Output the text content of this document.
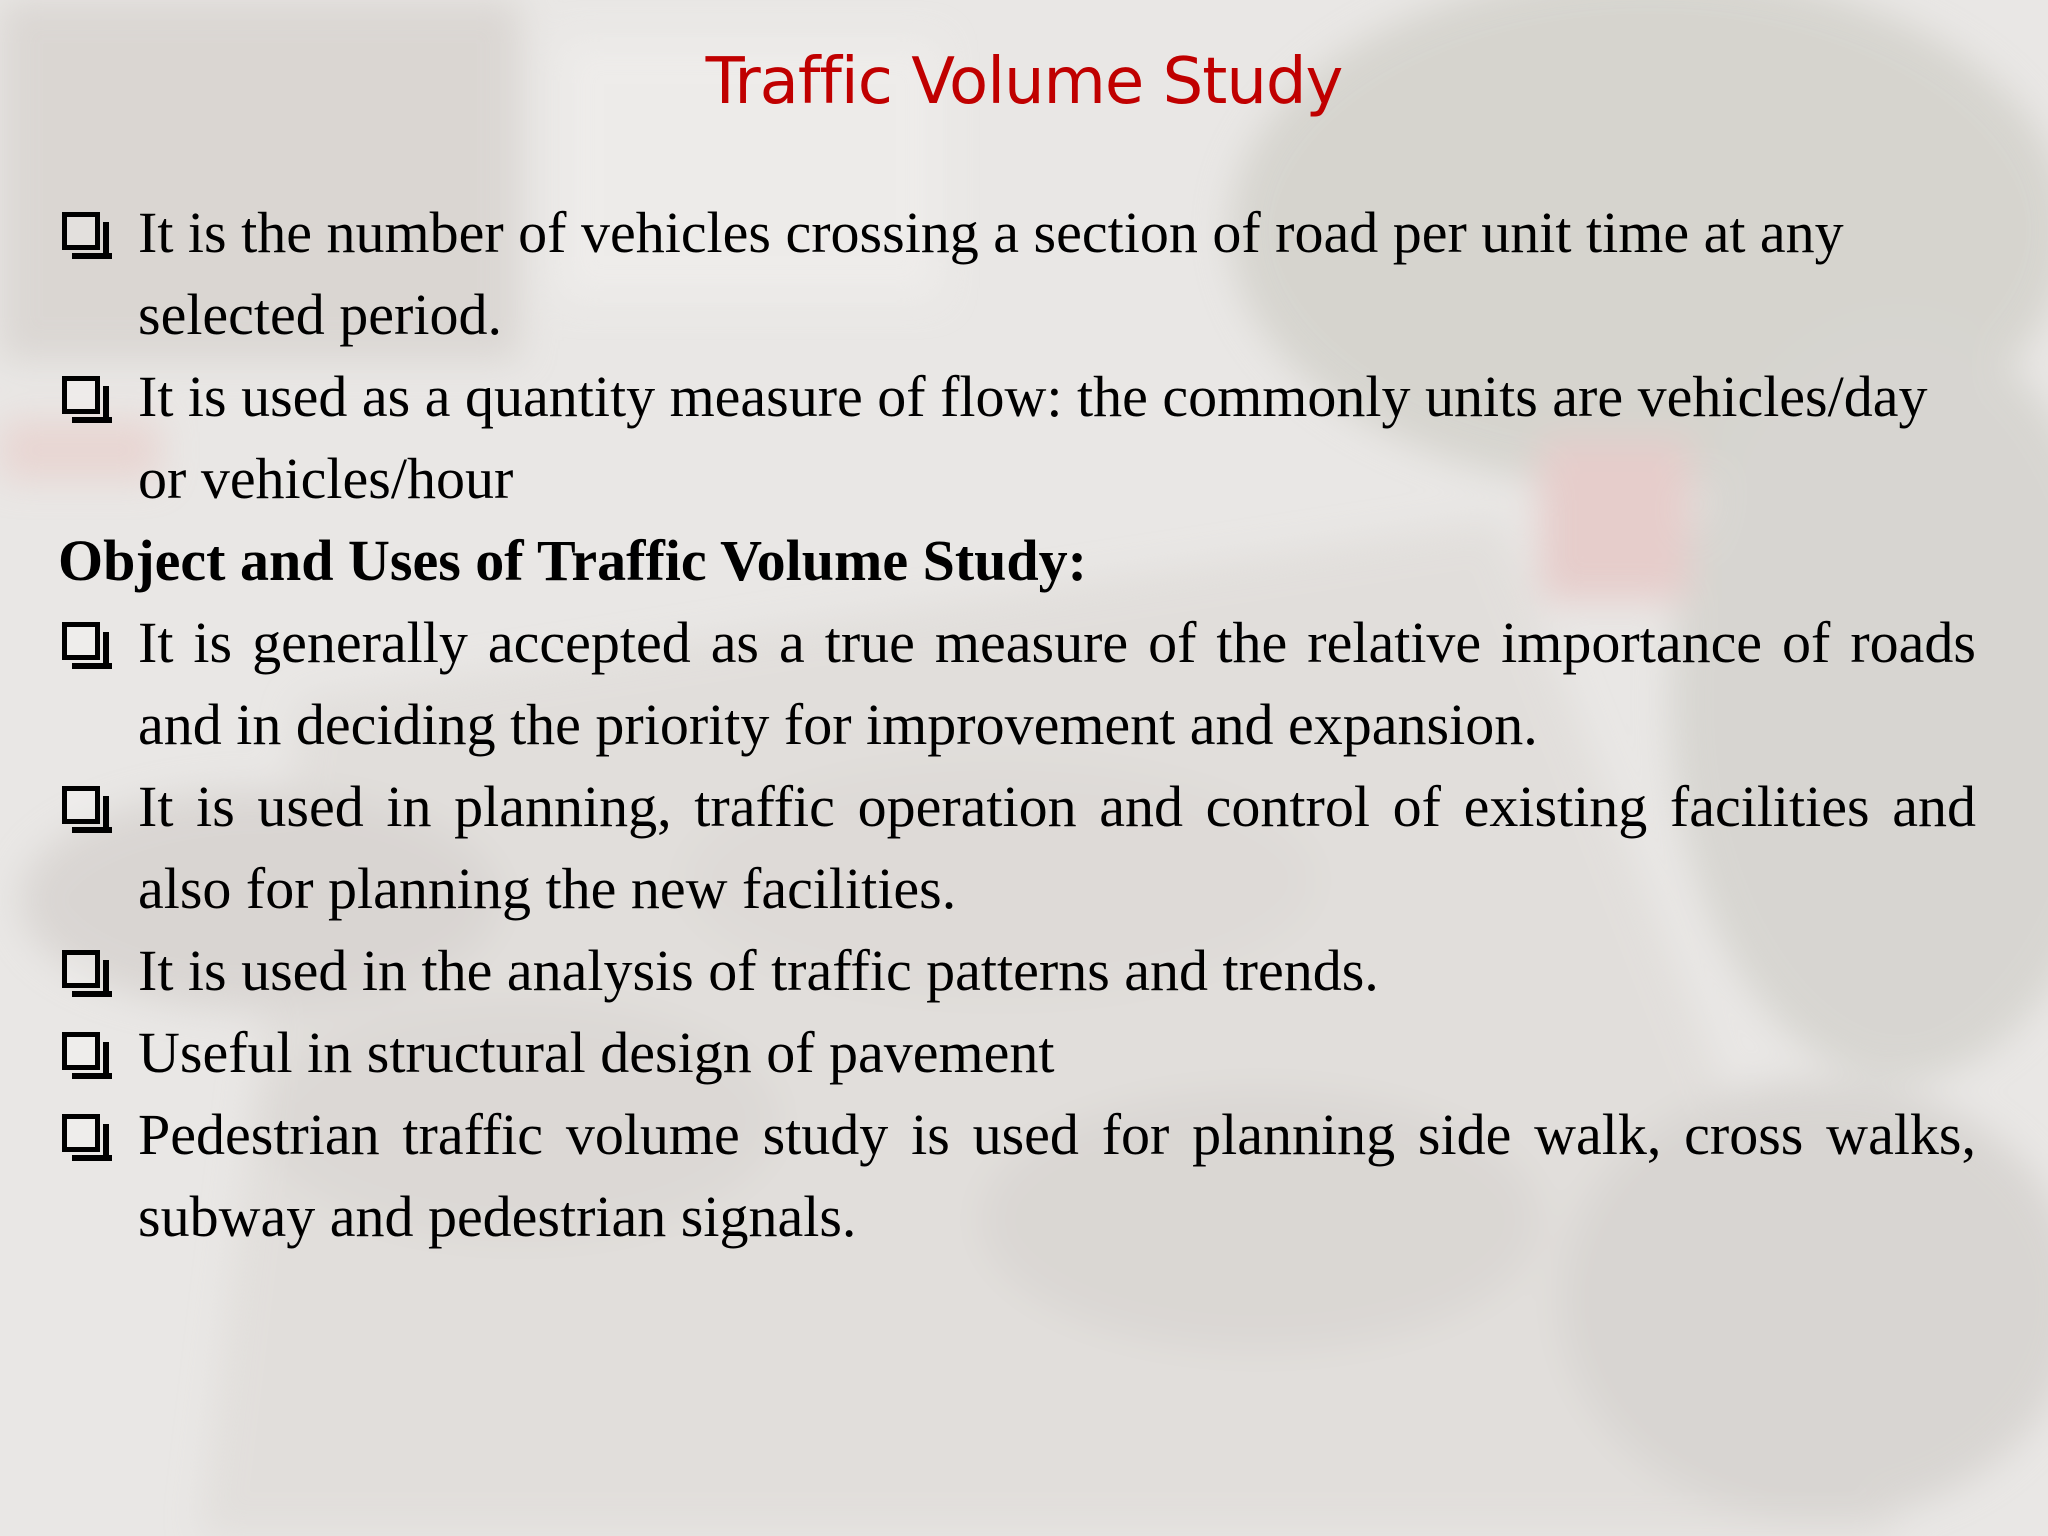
Traffic Volume Study
It is the number of vehicles crossing a section of road per unit time at any selected period.
It is used as a quantity measure of flow: the commonly units are vehicles/day or vehicles/hour
Object and Uses of Traffic Volume Study:
It is generally accepted as a true measure of the relative importance of roads and in deciding the priority for improvement and expansion.
It is used in planning, traffic operation and control of existing facilities and also for planning the new facilities.
It is used in the analysis of traffic patterns and trends.
Useful in structural design of pavement
Pedestrian traffic volume study is used for planning side walk, cross walks, subway and pedestrian signals.
